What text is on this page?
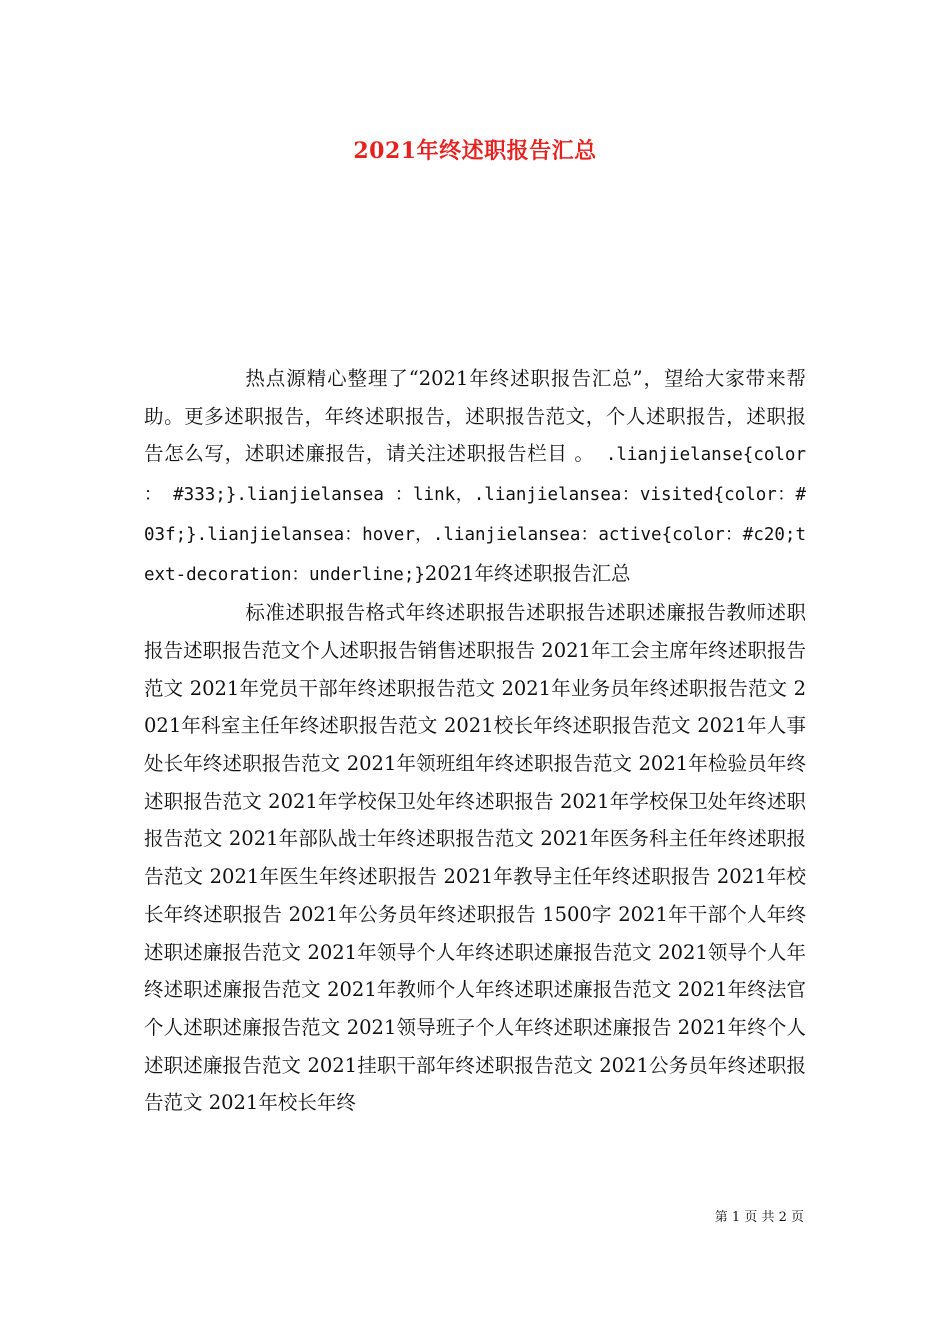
2021年终述职报告汇总

热点源精心整理了“2021年终述职报告汇总”，望给大家带来帮助。更多述职报告，年终述职报告，述职报告范文，个人述职报告，述职报告怎么写，述职述廉报告，请关注述职报告栏目 。 .lianjielanse{color ： #333;}.lianjielansea ：link，.lianjielansea：visited{color：#03f;}.lianjielansea：hover，.lianjielansea：active{color：#c20;text-decoration：underline;}2021年终述职报告汇总

标准述职报告格式年终述职报告述职报告述职述廉报告教师述职报告述职报告范文个人述职报告销售述职报告 2021年工会主席年终述职报告范文 2021年党员干部年终述职报告范文 2021年业务员年终述职报告范文 2021年科室主任年终述职报告范文 2021校长年终述职报告范文 2021年人事处长年终述职报告范文 2021年领班组年终述职报告范文 2021年检验员年终述职报告范文 2021年学校保卫处年终述职报告 2021年学校保卫处年终述职报告范文 2021年部队战士年终述职报告范文 2021年医务科主任年终述职报告范文 2021年医生年终述职报告 2021年教导主任年终述职报告 2021年校长年终述职报告 2021年公务员年终述职报告 1500字 2021年干部个人年终述职述廉报告范文 2021年领导个人年终述职述廉报告范文 2021领导个人年终述职述廉报告范文 2021年教师个人年终述职述廉报告范文 2021年终法官个人述职述廉报告范文 2021领导班子个人年终述职述廉报告 2021年终个人述职述廉报告范文 2021挂职干部年终述职报告范文 2021公务员年终述职报告范文 2021年校长年终

第 1 页 共 2 页
